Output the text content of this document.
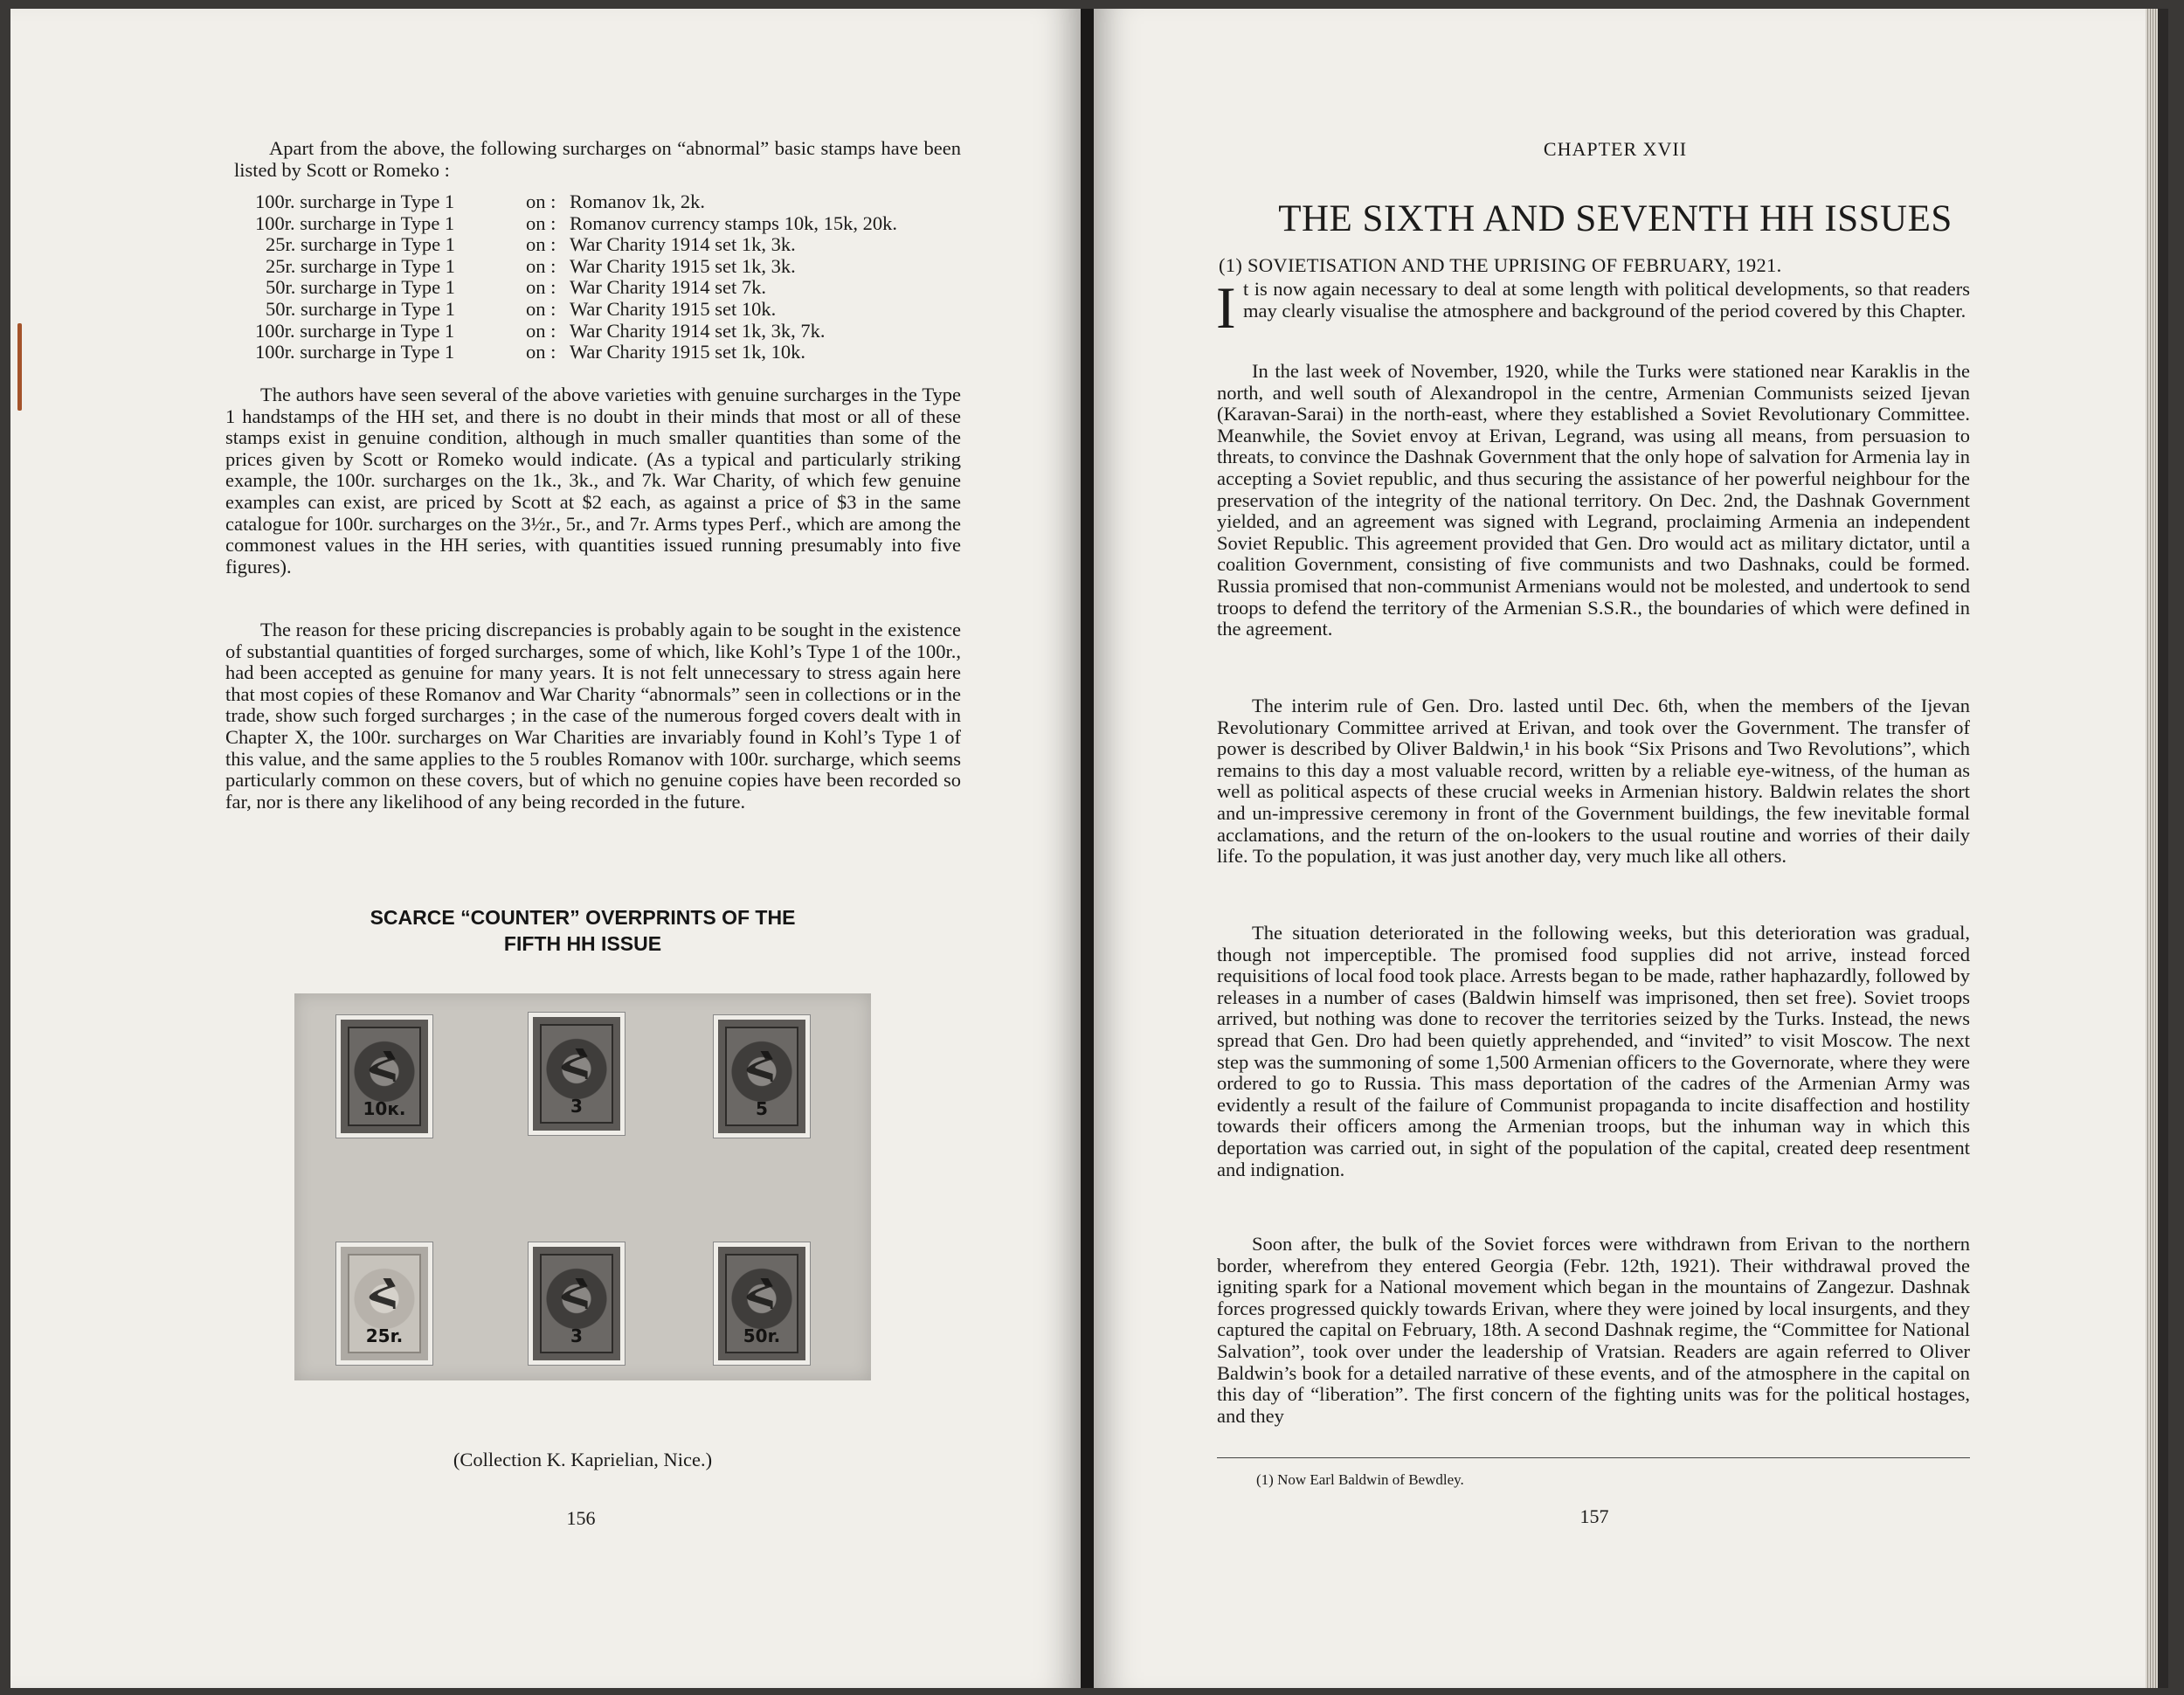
Apart from the above, the following surcharges on “abnormal” basic stamps have been listed by Scott or Romeko :

100r. surcharge in Type 1	on : Romanov 1k, 2k.
100r. surcharge in Type 1	on : Romanov currency stamps 10k, 15k, 20k.
25r. surcharge in Type 1	on : War Charity 1914 set 1k, 3k.
25r. surcharge in Type 1	on : War Charity 1915 set 1k, 3k.
50r. surcharge in Type 1	on : War Charity 1914 set 7k.
50r. surcharge in Type 1	on : War Charity 1915 set 10k.
100r. surcharge in Type 1	on : War Charity 1914 set 1k, 3k, 7k.
100r. surcharge in Type 1	on : War Charity 1915 set 1k, 10k.

The authors have seen several of the above varieties with genuine surcharges in the Type 1 handstamps of the HH set, and there is no doubt in their minds that most or all of these stamps exist in genuine condition, although in much smaller quantities than some of the prices given by Scott or Romeko would indicate. (As a typical and particularly striking example, the 100r. surcharges on the 1k., 3k., and 7k. War Charity, of which few genuine examples can exist, are priced by Scott at $2 each, as against a price of $3 in the same catalogue for 100r. surcharges on the 3½r., 5r., and 7r. Arms types Perf., which are among the commonest values in the HH series, with quantities issued running presumably into five figures).

The reason for these pricing discrepancies is probably again to be sought in the existence of substantial quantities of forged surcharges, some of which, like Kohl’s Type 1 of the 100r., had been accepted as genuine for many years. It is not felt unnecessary to stress again here that most copies of these Romanov and War Charity “abnormals” seen in collections or in the trade, show such forged surcharges ; in the case of the numerous forged covers dealt with in Chapter X, the 100r. surcharges on War Charities are invariably found in Kohl’s Type 1 of this value, and the same applies to the 5 roubles Romanov with 100r. surcharge, which seems particularly common on these covers, but of which no genuine copies have been recorded so far, nor is there any likelihood of any being recorded in the future.

SCARCE “COUNTER” OVERPRINTS OF THE
FIFTH HH ISSUE
Հ
10к.
Հ
3
Հ
5
Հ
25r.
Հ
3
Հ
50r.
(Collection K. Kaprielian, Nice.)
156
CHAPTER XVII
THE SIXTH AND SEVENTH HH ISSUES
(1) SOVIETISATION AND THE UPRISING OF FEBRUARY, 1921.
I t is now again necessary to deal at some length with political developments, so that readers may clearly visualise the atmosphere and background of the period covered by this Chapter.

In the last week of November, 1920, while the Turks were stationed near Karaklis in the north, and well south of Alexandropol in the centre, Armenian Communists seized Ijevan (Karavan-Sarai) in the north-east, where they established a Soviet Revolutionary Committee. Meanwhile, the Soviet envoy at Erivan, Legrand, was using all means, from persuasion to threats, to convince the Dashnak Government that the only hope of salvation for Armenia lay in accepting a Soviet republic, and thus securing the assistance of her powerful neighbour for the preservation of the integrity of the national territory. On Dec. 2nd, the Dashnak Government yielded, and an agreement was signed with Legrand, proclaiming Armenia an independent Soviet Republic. This agreement provided that Gen. Dro would act as military dictator, until a coalition Government, consisting of five communists and two Dashnaks, could be formed. Russia promised that non-communist Armenians would not be molested, and undertook to send troops to defend the territory of the Armenian S.S.R., the boundaries of which were defined in the agreement.

The interim rule of Gen. Dro. lasted until Dec. 6th, when the members of the Ijevan Revolutionary Committee arrived at Erivan, and took over the Government. The transfer of power is described by Oliver Baldwin,¹ in his book “Six Prisons and Two Revolutions”, which remains to this day a most valuable record, written by a reliable eye-witness, of the human as well as political aspects of these crucial weeks in Armenian history. Baldwin relates the short and un-impressive ceremony in front of the Government buildings, the few inevitable formal acclamations, and the return of the on-lookers to the usual routine and worries of their daily life. To the population, it was just another day, very much like all others.

The situation deteriorated in the following weeks, but this deterioration was gradual, though not imperceptible. The promised food supplies did not arrive, instead forced requisitions of local food took place. Arrests began to be made, rather haphazardly, followed by releases in a number of cases (Baldwin himself was imprisoned, then set free). Soviet troops arrived, but nothing was done to recover the territories seized by the Turks. Instead, the news spread that Gen. Dro had been quietly apprehended, and “invited” to visit Moscow. The next step was the summoning of some 1,500 Armenian officers to the Governorate, where they were ordered to go to Russia. This mass deportation of the cadres of the Armenian Army was evidently a result of the failure of Communist propaganda to incite disaffection and hostility towards their officers among the Armenian troops, but the inhuman way in which this deportation was carried out, in sight of the population of the capital, created deep resentment and indignation.

Soon after, the bulk of the Soviet forces were withdrawn from Erivan to the northern border, wherefrom they entered Georgia (Febr. 12th, 1921). Their withdrawal proved the igniting spark for a National movement which began in the mountains of Zangezur. Dashnak forces progressed quickly towards Erivan, where they were joined by local insurgents, and they captured the capital on February, 18th. A second Dashnak regime, the “Committee for National Salvation”, took over under the leadership of Vratsian. Readers are again referred to Oliver Baldwin’s book for a detailed narrative of these events, and of the atmosphere in the capital on this day of “liberation”. The first concern of the fighting units was for the political hostages, and they

(1) Now Earl Baldwin of Bewdley.
157
